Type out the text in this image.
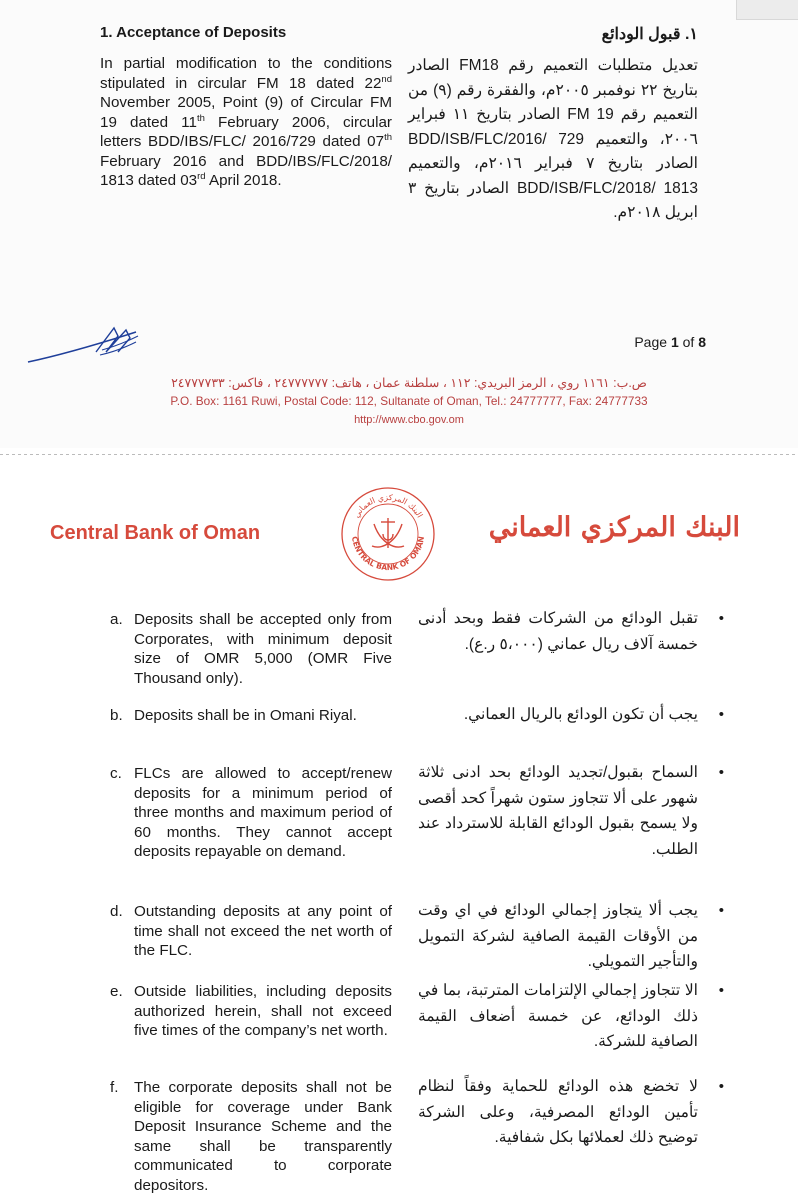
1. Acceptance of Deposits

In partial modification to the conditions stipulated in circular FM 18 dated 22nd November 2005, Point (9) of Circular FM 19 dated 11th February 2006, circular letters BDD/IBS/FLC/ 2016/729 dated 07th February 2016 and BDD/IBS/FLC/2018/ 1813 dated 03rd April 2018.

١. قبول الودائع

تعديل متطلبات التعميم رقم FM18 الصادر بتاريخ ٢٢ نوفمبر ٢٠٠٥م، والفقرة رقم (٩) من التعميم رقم FM 19 الصادر بتاريخ ١١ فبراير ٢٠٠٦، والتعميم BDD/ISB/FLC/2016/ 729 الصادر بتاريخ ٧ فبراير ٢٠١٦م، والتعميم BDD/ISB/FLC/2018/ 1813 الصادر بتاريخ ٣ ابريل ٢٠١٨م.

Page 1 of 8
ص.ب: ١١٦١ روي ، الرمز البريدي: ١١٢ ، سلطنة عمان ، هاتف: ٢٤٧٧٧٧٧٧ ، فاكس: ٢٤٧٧٧٧٣٣
P.O. Box: 1161 Ruwi, Postal Code: 112, Sultanate of Oman, Tel.: 24777777, Fax: 24777733
http://www.cbo.gov.om
Central Bank of Oman	CENTRAL BANK OF OMAN
البنك المركزي العماني البنك المركزي العماني
a. Deposits shall be accepted only from Corporates, with minimum deposit size of OMR 5,000 (OMR Five Thousand only).
•
تقبل الودائع من الشركات فقط وبحد أدنى خمسة آلاف ريال عماني (٥،٠٠٠ ر.ع).
b. Deposits shall be in Omani Riyal.	•
يجب أن تكون الودائع بالريال العماني.
c. FLCs are allowed to accept/renew deposits for a minimum period of three months and maximum period of 60 months. They cannot accept deposits repayable on demand.
•
السماح بقبول/تجديد الودائع بحد ادنى ثلاثة شهور على ألا تتجاوز ستون شهراً كحد أقصى ولا يسمح بقبول الودائع القابلة للاسترداد عند الطلب.
d. Outstanding deposits at any point of time shall not exceed the net worth of the FLC.
•
يجب ألا يتجاوز إجمالي الودائع في اي وقت من الأوقات القيمة الصافية لشركة التمويل والتأجير التمويلي.
e. Outside liabilities, including deposits authorized herein, shall not exceed five times of the company’s net worth.
•
الا تتجاوز إجمالي الإلتزامات المترتبة، بما في ذلك الودائع، عن خمسة أضعاف القيمة الصافية للشركة.
f. The corporate deposits shall not be eligible for coverage under Bank Deposit Insurance Scheme and the same shall be transparently communicated to corporate depositors.
•
لا تخضع هذه الودائع للحماية وفقاً لنظام تأمين الودائع المصرفية، وعلى الشركة توضيح ذلك لعملائها بكل شفافية.
